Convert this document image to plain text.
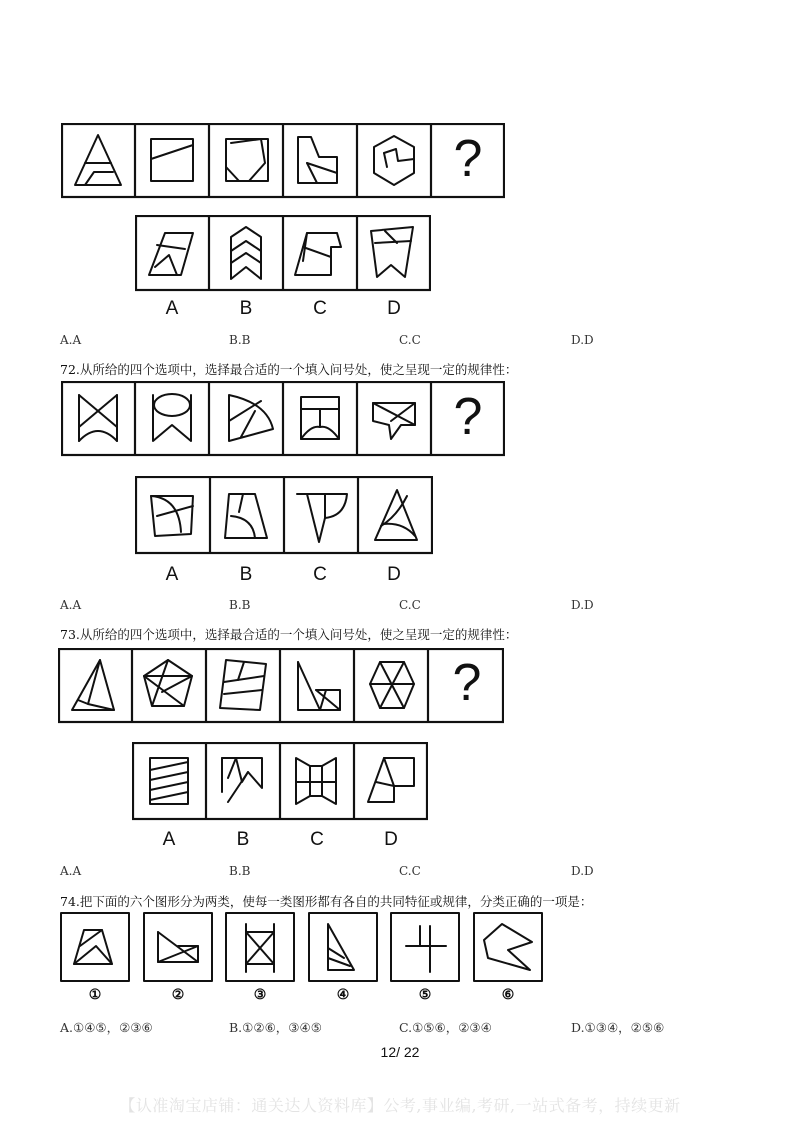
?
A	B	C	D
A.A	B.B	C.C	D.D
72.从所给的四个选项中，选择最合适的一个填入问号处，使之呈现一定的规律性：
?
A	B	C	D
A.A	B.B	C.C	D.D
73.从所给的四个选项中，选择最合适的一个填入问号处，使之呈现一定的规律性：
?
A	B	C	D
A.A	B.B	C.C	D.D
74.把下面的六个图形分为两类，使每一类图形都有各自的共同特征或规律，分类正确的一项是：
①	②	③	④	⑤	⑥
A.①④⑤，②③⑥	B.①②⑥，③④⑤	C.①⑤⑥，②③④	D.①③④，②⑤⑥
12/ 22
【认准淘宝店铺：通关达人资料库】公考,事业编,考研,一站式备考，持续更新
